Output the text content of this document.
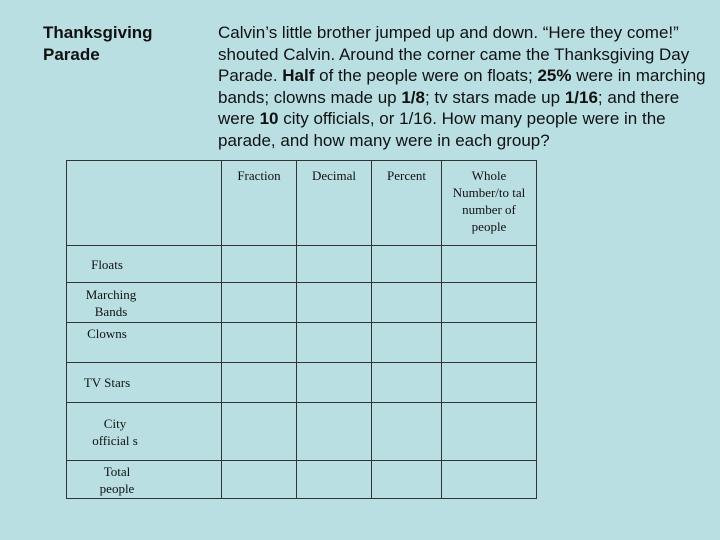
Thanksgiving
Parade
Calvin’s little brother jumped up and down. “Here they come!” shouted Calvin. Around the corner came the Thanksgiving Day Parade. Half of the people were on floats; 25% were in marching bands; clowns made up 1/8; tv stars made up 1/16; and there were 10 city officials, or 1/16. How many people were in the parade, and how many were in each group?
	Fraction	Decimal	Percent	Whole Number/to tal number of people

Floats				

Marching Bands				

Clowns				

TV Stars				

City official s				

Total people				
